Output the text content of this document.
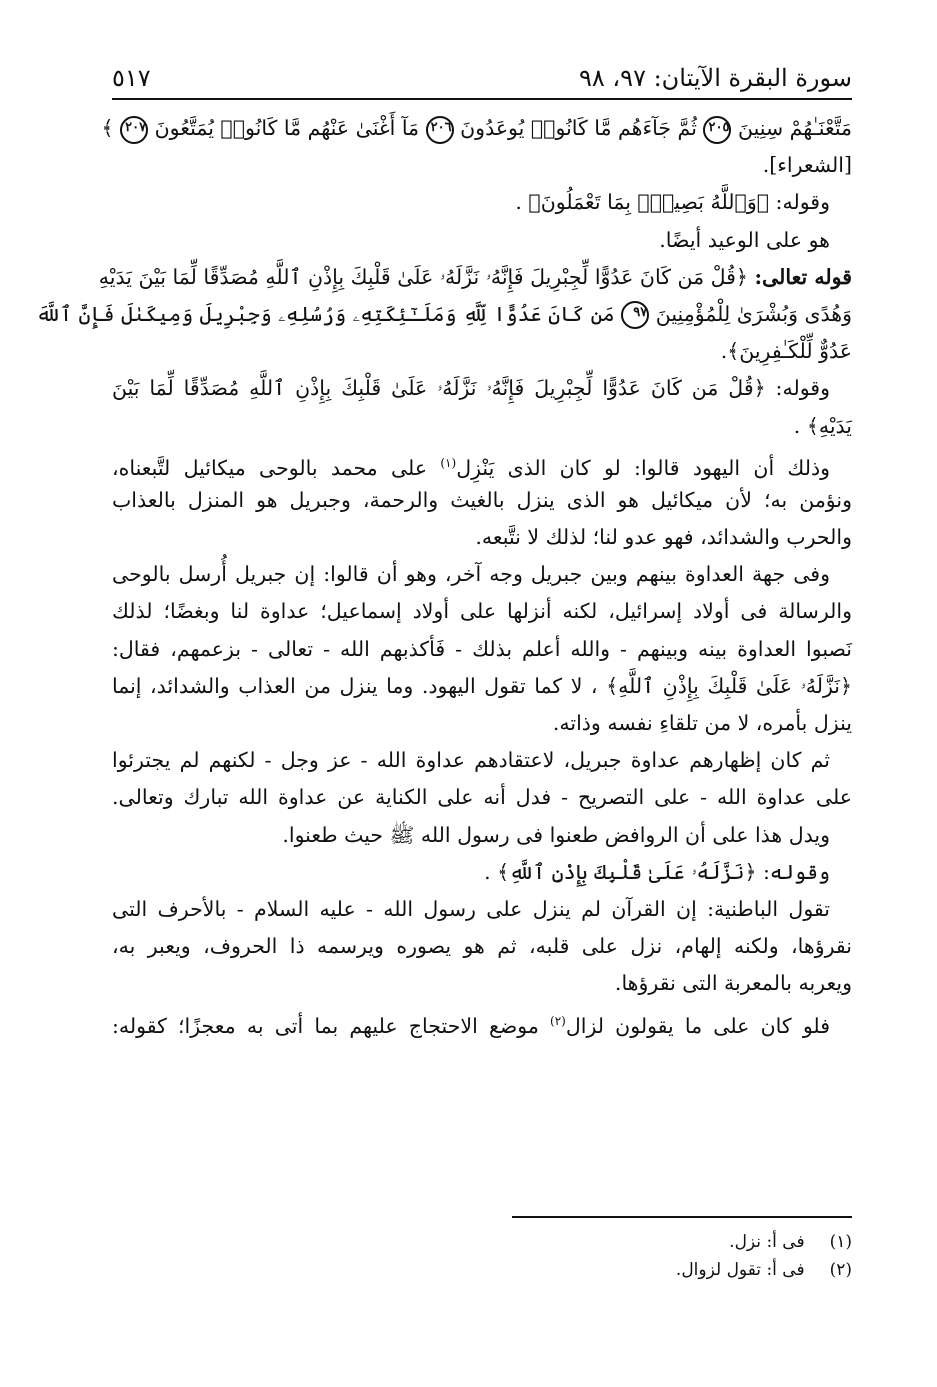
سورة البقرة الآيتان: ٩٧، ٩٨
٥١٧
مَتَّعْنَـٰهُمْ سِنِينَ ٢٠٥ ثُمَّ جَآءَهُم مَّا كَانُوا۟ يُوعَدُونَ ٢٠٦ مَآ أَغْنَىٰ عَنْهُم مَّا كَانُوا۟ يُمَتَّعُونَ ٢٠٧ ﴾
[الشعراء].
وقوله: ﴿وَٱللَّهُ بَصِيرٌۢ بِمَا تَعْمَلُونَ﴾ .
هو على الوعيد أيضًا.
قوله تعالى: ﴿قُلْ مَن كَانَ عَدُوًّا لِّجِبْرِيلَ فَإِنَّهُۥ نَزَّلَهُۥ عَلَىٰ قَلْبِكَ بِإِذْنِ ٱللَّهِ مُصَدِّقًا لِّمَا بَيْنَ يَدَيْهِ
وَهُدًى وَبُشْرَىٰ لِلْمُؤْمِنِينَ ٩٧ مَن كَانَ عَدُوًّا لِّلَّهِ وَمَلَـٰٓئِكَتِهِۦ وَرُسُلِهِۦ وَجِبْرِيلَ وَمِيكَىٰلَ فَإِنَّ ٱللَّهَ
عَدُوٌّ لِّلْكَـٰفِرِينَ﴾.
وقوله: ﴿قُلْ مَن كَانَ عَدُوًّا لِّجِبْرِيلَ فَإِنَّهُۥ نَزَّلَهُۥ عَلَىٰ قَلْبِكَ بِإِذْنِ ٱللَّهِ مُصَدِّقًا لِّمَا بَيْنَ
يَدَيْهِ﴾ .
وذلك أن اليهود قالوا: لو كان الذى يَنْزِل$^{(١)}$ على محمد بالوحى ميكائيل لتَّبعناه،
ونؤمن به؛ لأن ميكائيل هو الذى ينزل بالغيث والرحمة، وجبريل هو المنزل بالعذاب
والحرب والشدائد، فهو عدو لنا؛ لذلك لا نتَّبعه.
وفى جهة العداوة بينهم وبين جبريل وجه آخر، وهو أن قالوا: إن جبريل أُرسل بالوحى
والرسالة فى أولاد إسرائيل، لكنه أنزلها على أولاد إسماعيل؛ عداوة لنا وبغضًا؛ لذلك
نَصبوا العداوة بينه وبينهم - والله أعلم بذلك - فَأكذبهم الله - تعالى - بزعمهم، فقال:
﴿نَزَّلَهُۥ عَلَىٰ قَلْبِكَ بِإِذْنِ ٱللَّهِ﴾ ، لا كما تقول اليهود. وما ينزل من العذاب والشدائد، إنما
ينزل بأمره، لا من تلقاءِ نفسه وذاته.
ثم كان إظهارهم عداوة جبريل، لاعتقادهم عداوة الله - عز وجل - لكنهم لم يجترئوا
على عداوة الله - على التصريح - فدل أنه على الكناية عن عداوة الله تبارك وتعالى.
ويدل هذا على أن الروافض طعنوا فى رسول الله ﷺ حيث طعنوا.
وقوله: ﴿نَزَّلَهُۥ عَلَىٰ قَلْبِكَ بِإِذْنِ ٱللَّهِ﴾ .
تقول الباطنية: إن القرآن لم ينزل على رسول الله - عليه السلام - بالأحرف التى
نقرؤها، ولكنه إلهام، نزل على قلبه، ثم هو يصوره ويرسمه ذا الحروف، ويعبر به،
ويعربه بالمعربة التى نقرؤها.
فلو كان على ما يقولون لزال$^{(٢)}$ موضع الاحتجاج عليهم بما أتى به معجزًا؛ كقوله:
(١) فى أ: نزل.
(٢) فى أ: تقول لزوال.
